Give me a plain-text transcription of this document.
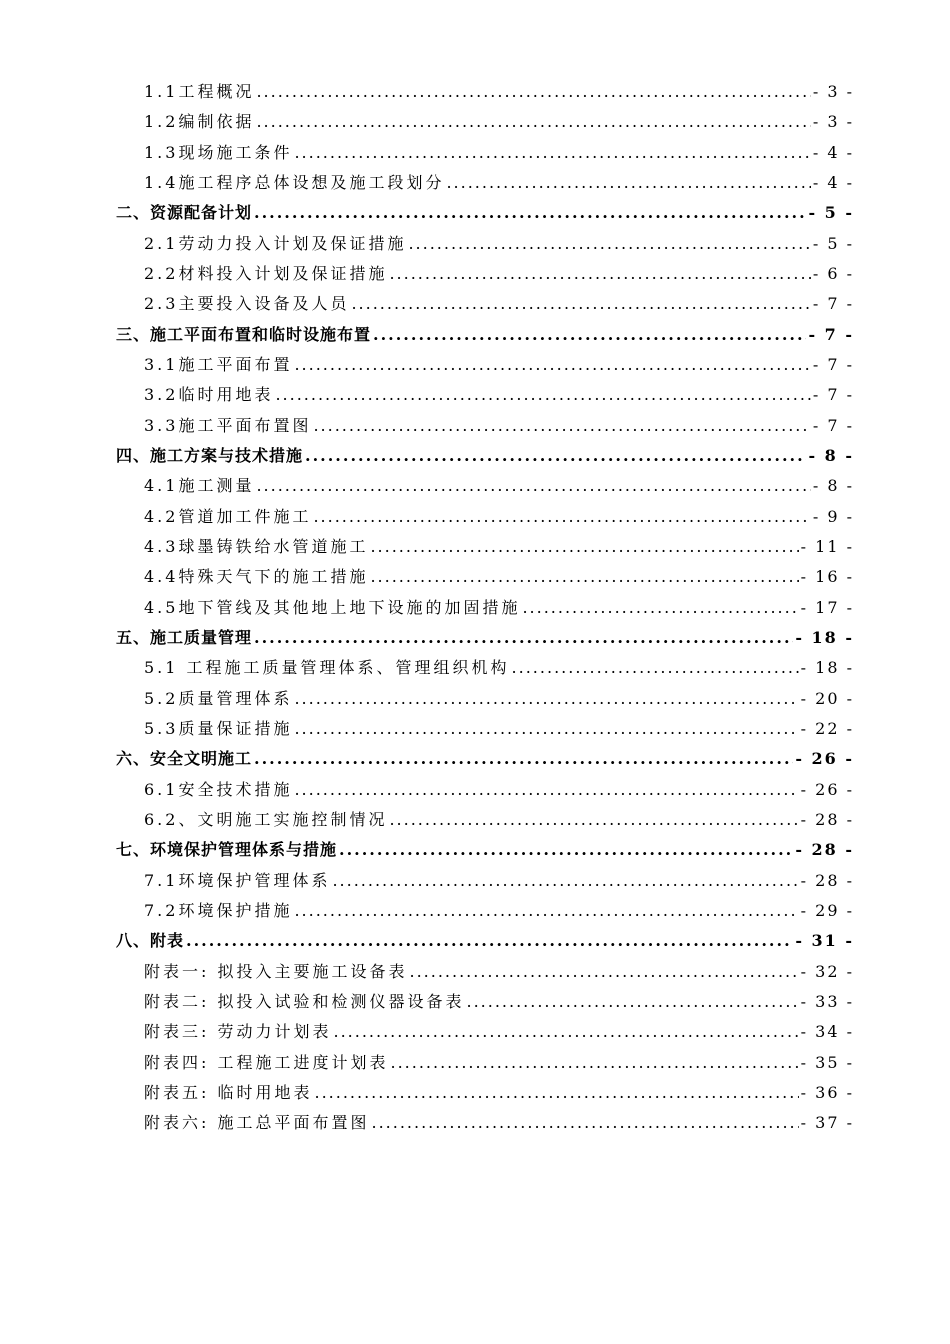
1.1工程概况 .....	- 3 -
1.2编制依据 .....	- 3 -
1.3现场施工条件 .....	- 4 -
1.4施工程序总体设想及施工段划分 .....	- 4 -
二、资源配备计划 .....	- 5 -
2.1劳动力投入计划及保证措施 .....	- 5 -
2.2材料投入计划及保证措施 .....	- 6 -
2.3主要投入设备及人员 .....	- 7 -
三、施工平面布置和临时设施布置 .....	- 7 -
3.1施工平面布置 .....	- 7 -
3.2临时用地表 .....	- 7 -
3.3施工平面布置图 .....	- 7 -
四、施工方案与技术措施 .....	- 8 -
4.1施工测量 .....	- 8 -
4.2管道加工件施工 .....	- 9 -
4.3球墨铸铁给水管道施工 .....	- 11 -
4.4特殊天气下的施工措施 .....	- 16 -
4.5地下管线及其他地上地下设施的加固措施 .....	- 17 -
五、施工质量管理 .....	- 18 -
5.1 工程施工质量管理体系、管理组织机构 .....	- 18 -
5.2质量管理体系 .....	- 20 -
5.3质量保证措施 .....	- 22 -
六、安全文明施工 .....	- 26 -
6.1安全技术措施 .....	- 26 -
6.2、文明施工实施控制情况 .....	- 28 -
七、环境保护管理体系与措施 .....	- 28 -
7.1环境保护管理体系 .....	- 28 -
7.2环境保护措施 .....	- 29 -
八、附表 .....	- 31 -
附表一: 拟投入主要施工设备表 .....	- 32 -
附表二: 拟投入试验和检测仪器设备表 .....	- 33 -
附表三: 劳动力计划表 .....	- 34 -
附表四: 工程施工进度计划表 .....	- 35 -
附表五: 临时用地表 .....	- 36 -
附表六: 施工总平面布置图 .....	- 37 -
